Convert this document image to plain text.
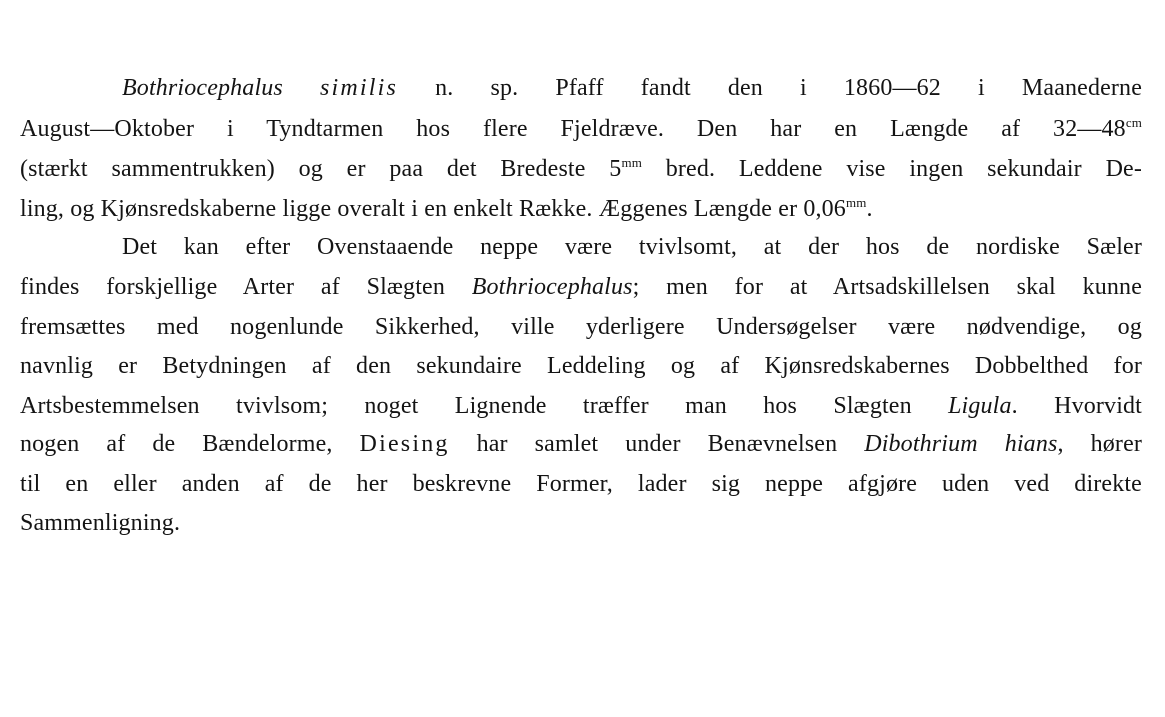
Bothriocephalus similis n. sp. Pfaff fandt den i 1860—62 i Maanederne
August—Oktober i Tyndtarmen hos flere Fjeldræve. Den har en Længde af $32—48^{cm}$
(stærkt sammentrukken) og er paa det Bredeste $5^{mm}$ bred. Leddene vise ingen sekundair De-
ling, og Kjønsredskaberne ligge overalt i en enkelt Række. Æggenes Længde er $0,06^{mm}$.
Det kan efter Ovenstaaende neppe være tvivlsomt, at der hos de nordiske Sæler
findes forskjellige Arter af Slægten Bothriocephalus; men for at Artsadskillelsen skal kunne
fremsættes med nogenlunde Sikkerhed, ville yderligere Undersøgelser være nødvendige, og
navnlig er Betydningen af den sekundaire Leddeling og af Kjønsredskabernes Dobbelthed for
Artsbestemmelsen tvivlsom; noget Lignende træffer man hos Slægten Ligula. Hvorvidt
nogen af de Bændelorme, Diesing har samlet under Benævnelsen Dibothrium hians, hører
til en eller anden af de her beskrevne Former, lader sig neppe afgjøre uden ved direkte
Sammenligning.
